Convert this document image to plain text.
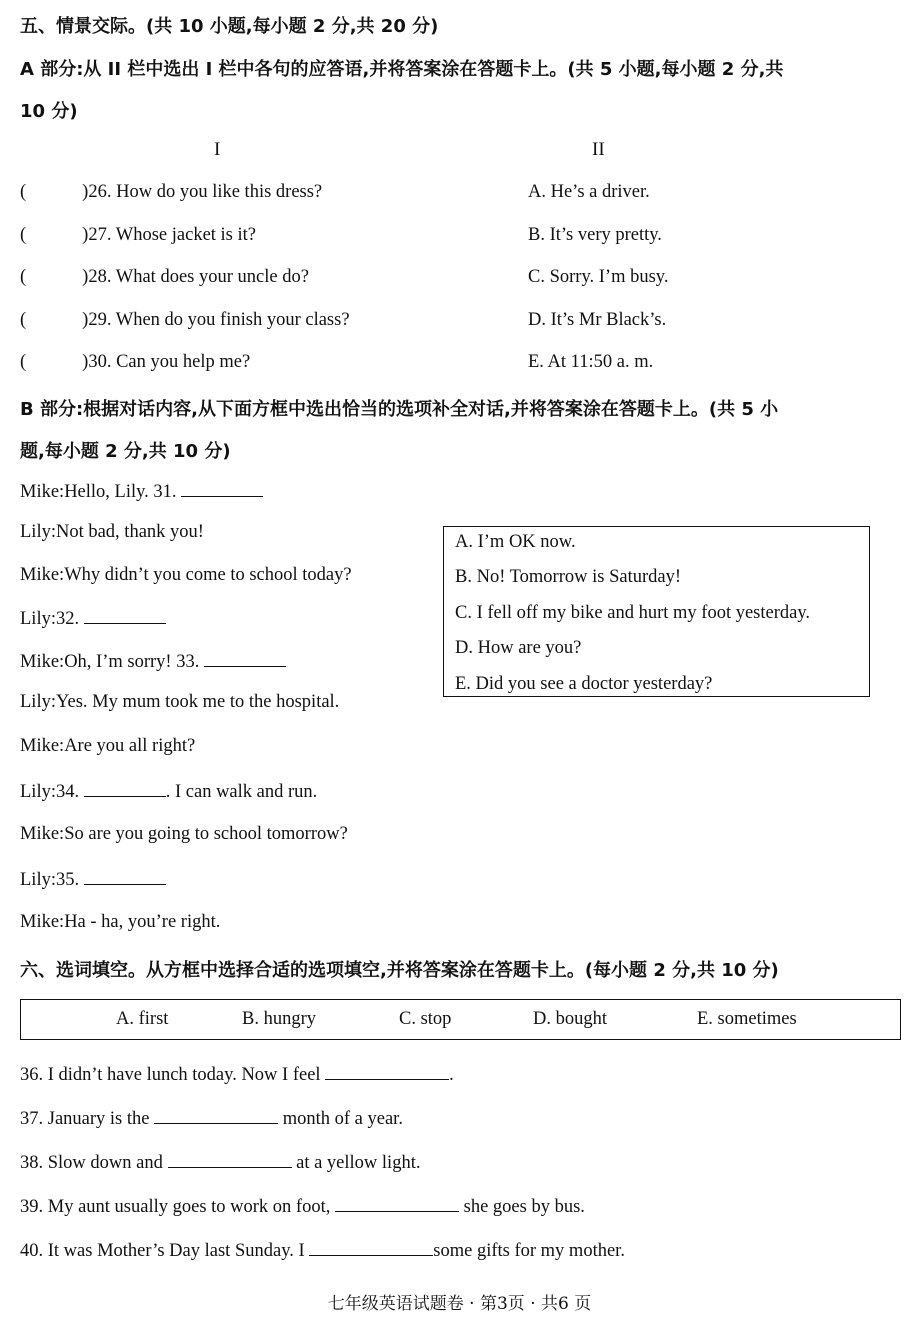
五、情景交际。(共 10 小题,每小题 2 分,共 20 分)
A 部分:从 II 栏中选出 I 栏中各句的应答语,并将答案涂在答题卡上。(共 5 小题,每小题 2 分,共
10 分)
I	II
(	)26. How do you like this dress?	A. He’s a driver.
(	)27. Whose jacket is it?	B. It’s very pretty.
(	)28. What does your uncle do?	C. Sorry. I’m busy.
(	)29. When do you finish your class?	D. It’s Mr Black’s.
(	)30. Can you help me?	E. At 11:50 a. m.
B 部分:根据对话内容,从下面方框中选出恰当的选项补全对话,并将答案涂在答题卡上。(共 5 小
题,每小题 2 分,共 10 分)
Mike:Hello, Lily. 31.
Lily:Not bad, thank you!
Mike:Why didn’t you come to school today?
Lily:32.
Mike:Oh, I’m sorry! 33.
Lily:Yes. My mum took me to the hospital.
Mike:Are you all right?
Lily:34.	. I can walk and run.
Mike:So are you going to school tomorrow?
Lily:35.
Mike:Ha - ha, you’re right.
A. I’m OK now.
B. No! Tomorrow is Saturday!
C. I fell off my bike and hurt my foot yesterday.
D. How are you?
E. Did you see a doctor yesterday?
六、选词填空。从方框中选择合适的选项填空,并将答案涂在答题卡上。(每小题 2 分,共 10 分)
A. first	B. hungry	C. stop	D. bought	E. sometimes
36. I didn’t have lunch today. Now I feel	.
37. January is the	month of a year.
38. Slow down and	at a yellow light.
39. My aunt usually goes to work on foot,	she goes by bus.
40. It was Mother’s Day last Sunday. I	some gifts for my mother.
七年级英语试题卷 · 第3页 · 共6 页
